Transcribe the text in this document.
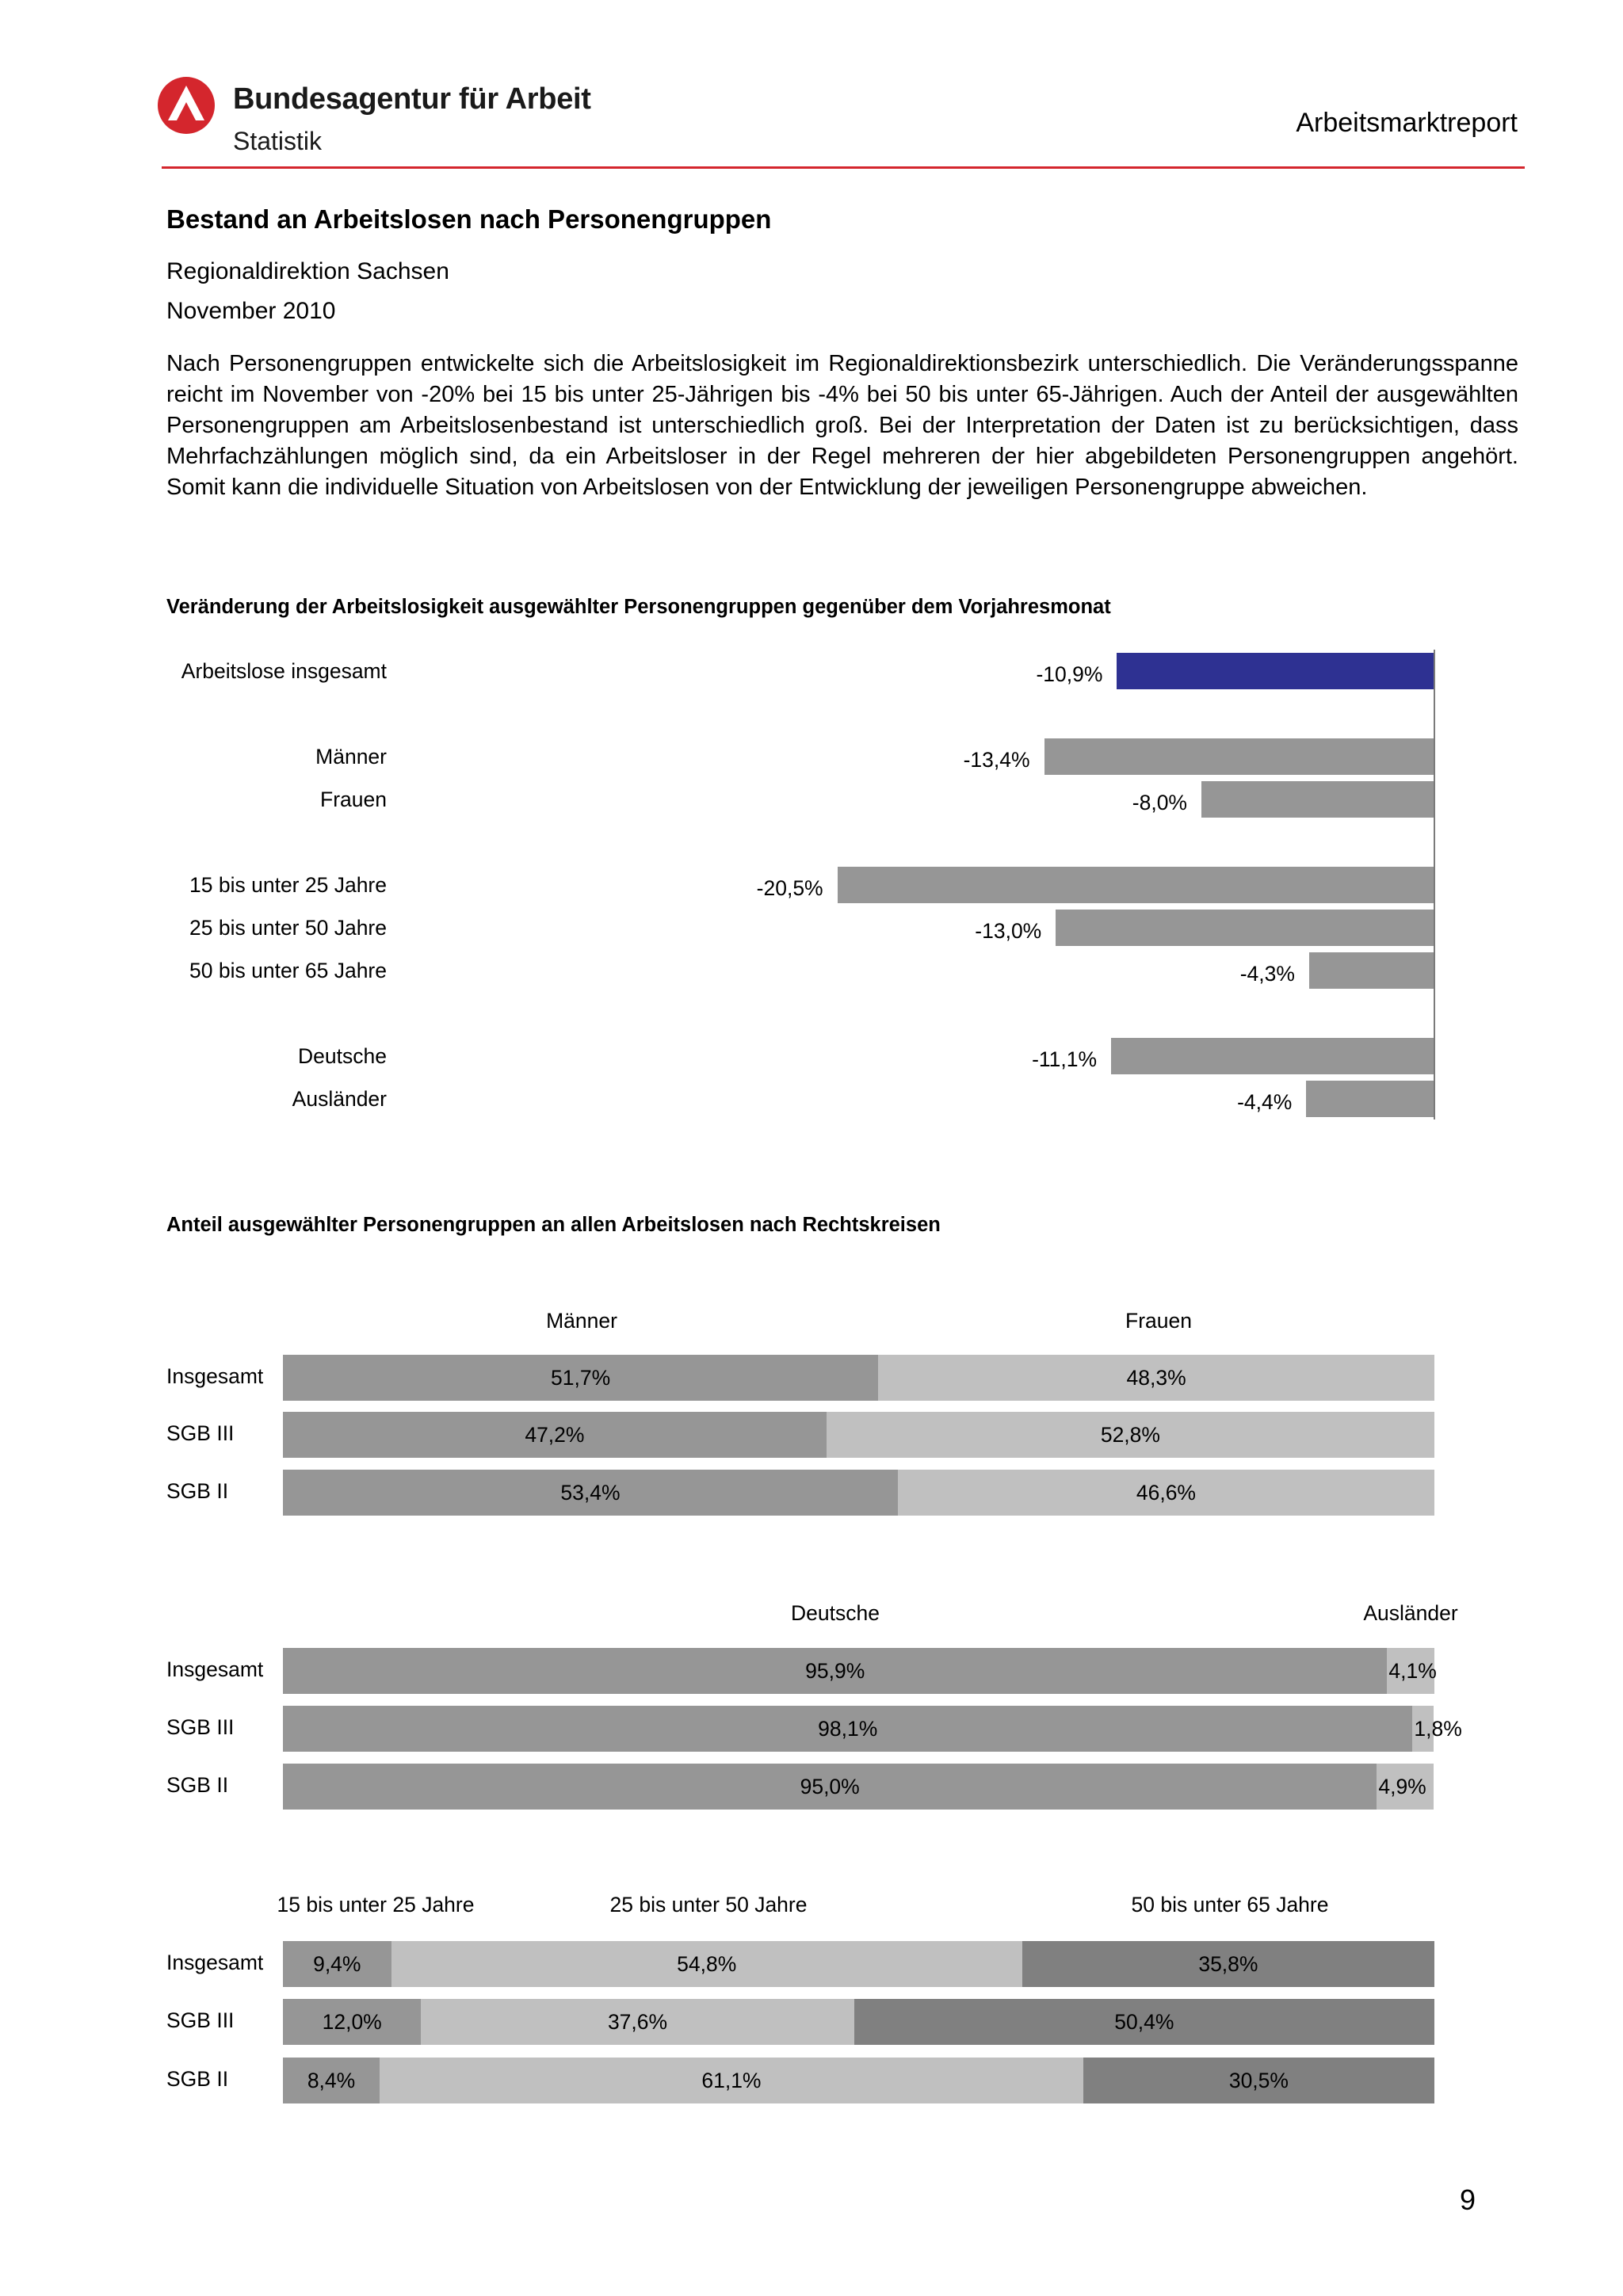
Bundesagentur für Arbeit
Statistik
Arbeitsmarktreport
Bestand an Arbeitslosen nach Personengruppen
Regionaldirektion Sachsen
November 2010

Nach Personengruppen entwickelte sich die Arbeitslosigkeit im Regionaldirektionsbezirk unterschiedlich. Die Veränderungsspanne reicht im November von -20% bei 15 bis unter 25-Jährigen bis -4% bei 50 bis unter 65-Jährigen. Auch der Anteil der ausgewählten Personengruppen am Arbeitslosenbestand ist unterschiedlich groß. Bei der Interpretation der Daten ist zu berücksichtigen, dass Mehrfachzählungen möglich sind, da ein Arbeitsloser in der Regel mehreren der hier abgebildeten Personengruppen angehört. Somit kann die individuelle Situation von Arbeitslosen von der Entwicklung der jeweiligen Personengruppe abweichen.

Veränderung der Arbeitslosigkeit ausgewählter Personengruppen gegenüber dem Vorjahresmonat
Arbeitslose insgesamt	-10,9%
Männer	-13,4%
Frauen	-8,0%
15 bis unter 25 Jahre	-20,5%
25 bis unter 50 Jahre	-13,0%
50 bis unter 65 Jahre	-4,3%
Deutsche	-11,1%
Ausländer	-4,4%
Anteil ausgewählter Personengruppen an allen Arbeitslosen nach Rechtskreisen
Männer	Frauen
Insgesamt	51,7%	48,3%
SGB III	47,2%	52,8%
SGB II	53,4%	46,6%
Deutsche	Ausländer
Insgesamt	95,9%	4,1%
SGB III	98,1%	1,8%
SGB II	95,0%	4,9%
15 bis unter 25 Jahre	25 bis unter 50 Jahre	50 bis unter 65 Jahre
Insgesamt 9,4%	54,8%	35,8%
SGB III	12,0%	37,6%	50,4%
SGB II	8,4%	61,1%	30,5%
9
